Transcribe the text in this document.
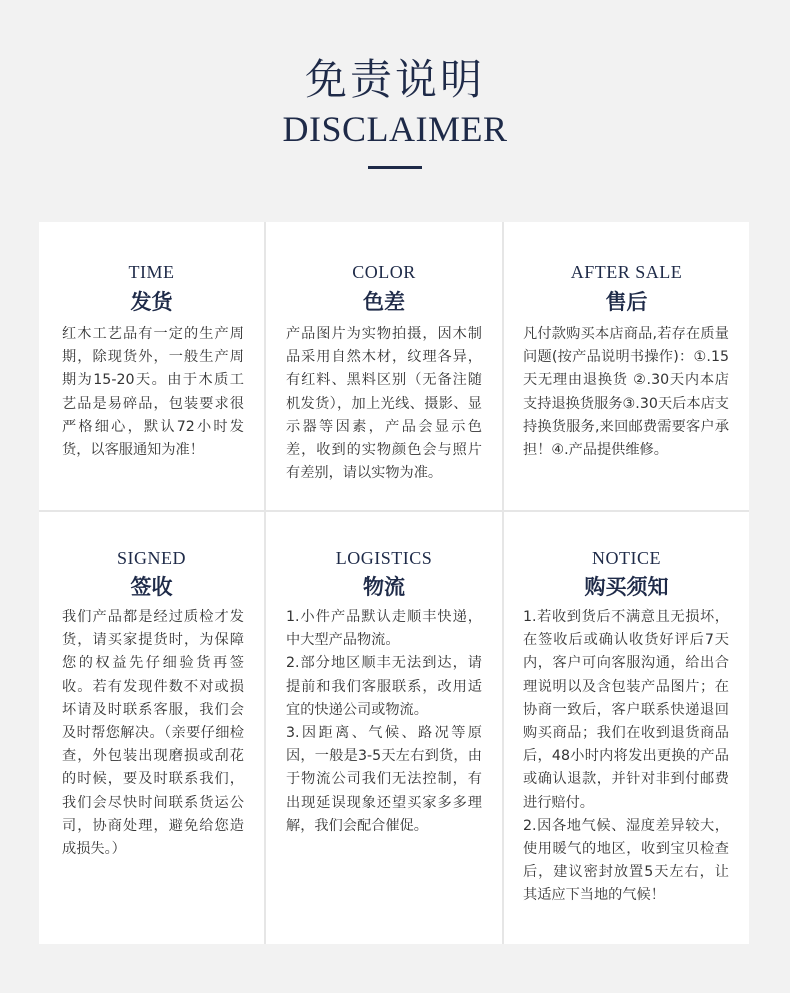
免责说明
DISCLAIMER
TIME
发货
红木工艺品有一定的生产周期，除现货外，一般生产周期为15-20天。由于木质工艺品是易碎品，包装要求很严格细心，默认72小时发货，以客服通知为准！
COLOR
色差
产品图片为实物拍摄，因木制品采用自然木材，纹理各异，有红料、黑料区别（无备注随机发货），加上光线、摄影、显示器等因素，产品会显示色差，收到的实物颜色会与照片有差别，请以实物为准。
AFTER SALE
售后
凡付款购买本店商品,若存在质量问题(按产品说明书操作)：①.15 天无理由退换货 ②.30天内本店支持退换货服务③.30天后本店支持换货服务,来回邮费需要客户承担！④.产品提供维修。
SIGNED
签收
我们产品都是经过质检才发货，请买家提货时，为保障您的权益先仔细验货再签收。若有发现件数不对或损坏请及时联系客服，我们会及时帮您解决。（亲要仔细检查，外包装出现磨损或刮花的时候，要及时联系我们，我们会尽快时间联系货运公司，协商处理，避免给您造成损失。）
LOGISTICS
物流
1.小件产品默认走顺丰快递，中大型产品物流。
2.部分地区顺丰无法到达，请提前和我们客服联系，改用适宜的快递公司或物流。
3.因距离、气候、路况等原因，一般是3-5天左右到货，由于物流公司我们无法控制，有出现延误现象还望买家多多理解，我们会配合催促。
NOTICE
购买须知
1.若收到货后不满意且无损坏，在签收后或确认收货好评后7天内，客户可向客服沟通，给出合理说明以及含包装产品图片；在协商一致后，客户联系快递退回购买商品；我们在收到退货商品后，48小时内将发出更换的产品或确认退款，并针对非到付邮费进行赔付。
2.因各地气候、湿度差异较大，使用暖气的地区，收到宝贝检查后，建议密封放置5天左右，让其适应下当地的气候！
